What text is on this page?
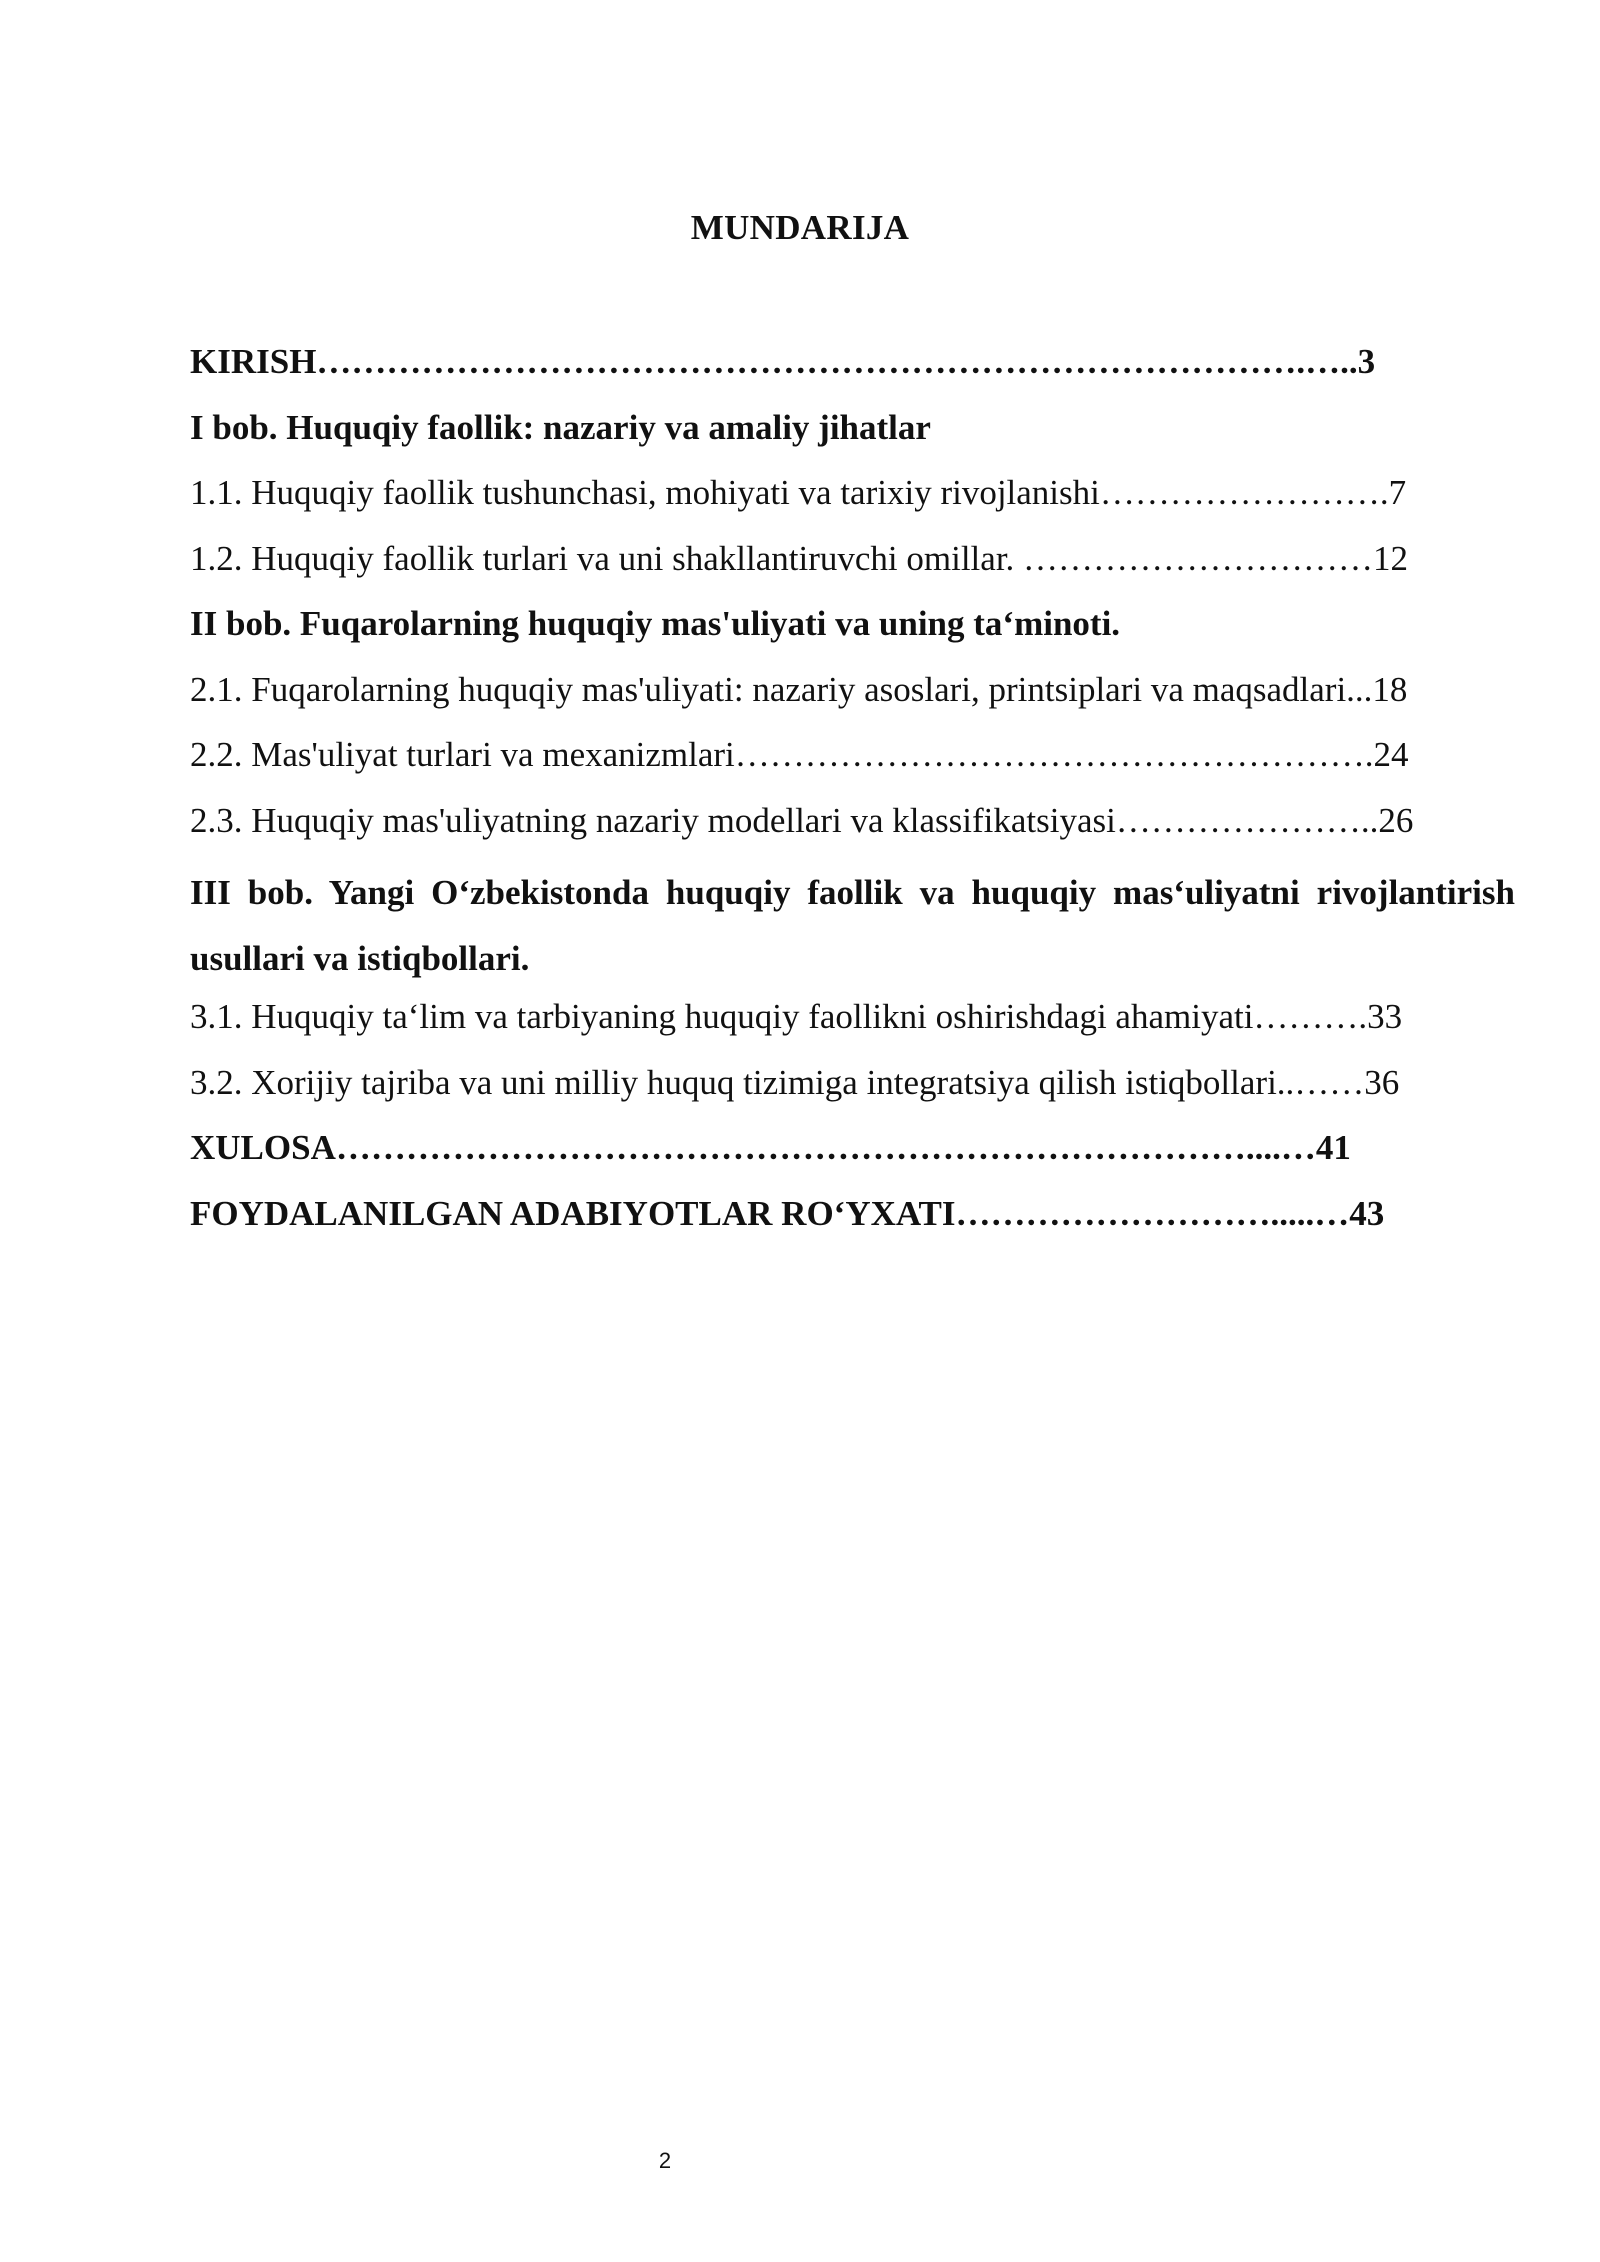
MUNDARIJA
KIRISH………………………………………………………………………….…..3
I bob. Huquqiy faollik: nazariy va amaliy jihatlar
1.1. Huquqiy faollik tushunchasi, mohiyati va tarixiy rivojlanishi…………………….7
1.2. Huquqiy faollik turlari va uni shakllantiruvchi omillar. …………………………12
II bob. Fuqarolarning huquqiy mas'uliyati va uning ta‘minoti.
2.1. Fuqarolarning huquqiy mas'uliyati: nazariy asoslari, printsiplari va maqsadlari...18
2.2. Mas'uliyat turlari va mexanizmlari……………………………………………….24
2.3. Huquqiy mas'uliyatning nazariy modellari va klassifikatsiyasi…………………..26
III bob. Yangi O‘zbekistonda huquqiy faollik va huquqiy mas‘uliyatni rivojlantirish usullari va istiqbollari.
3.1. Huquqiy ta‘lim va tarbiyaning huquqiy faollikni oshirishdagi ahamiyati……….33
3.2. Xorijiy tajriba va uni milliy huquq tizimiga integratsiya qilish istiqbollari..……36
XULOSA……………………………………………………………………....…41
FOYDALANILGAN ADABIYOTLAR RO‘YXATI……………………….....…43
2
